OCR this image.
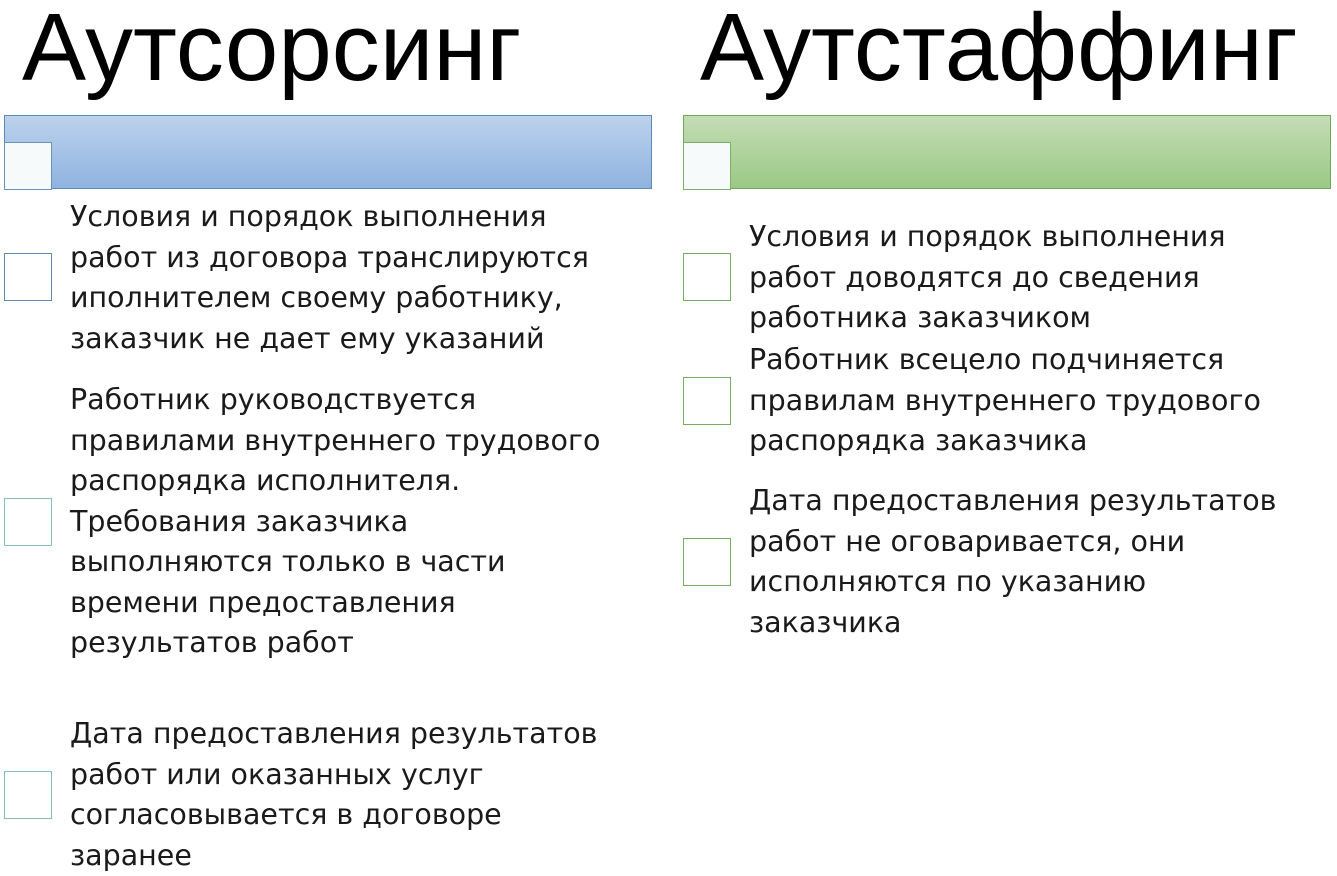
Аутсорсинг

Условия и порядок выполнения
работ из договора транслируются
иполнителем своему работнику,
заказчик не дает ему указаний

Работник руководствуется
правилами внутреннего трудового
распорядка исполнителя.
Требования заказчика
выполняются только в части
времени предоставления
результатов работ

Дата предоставления результатов
работ или оказанных услуг
согласовывается в договоре
заранее

Аутстаффинг

Условия и порядок выполнения
работ доводятся до сведения
работника заказчиком

Работник всецело подчиняется
правилам внутреннего трудового
распорядка заказчика

Дата предоставления результатов
работ не оговаривается, они
исполняются по указанию
заказчика
